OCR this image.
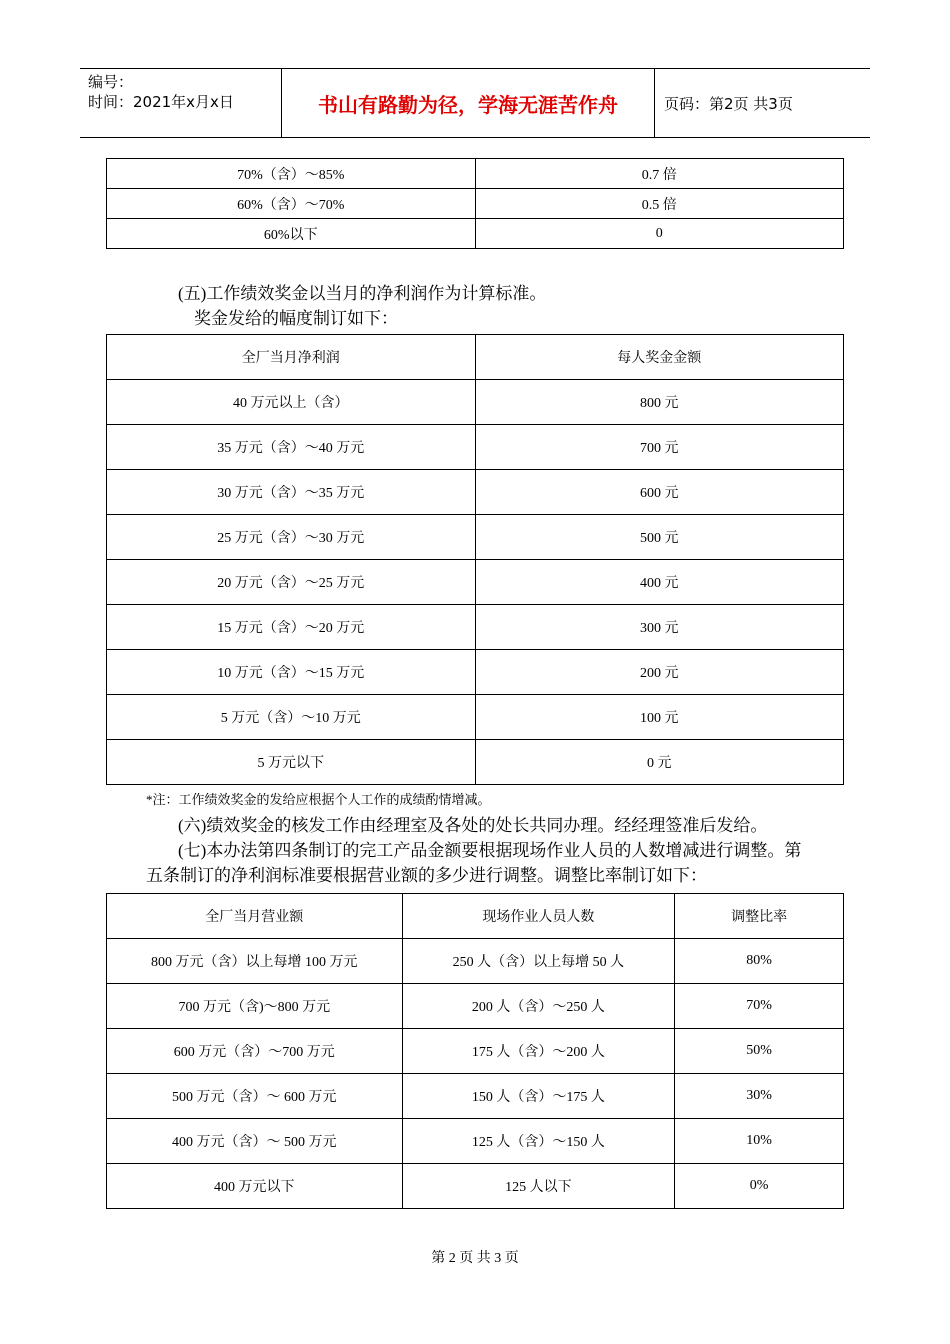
编号：
时间：2021年x月x日	书山有路勤为径，学海无涯苦作舟	页码：第2页 共3页
70%（含）～85%	0.7 倍
60%（含）～70%	0.5 倍
60%以下	0
(五)工作绩效奖金以当月的净利润作为计算标准。
奖金发给的幅度制订如下：
全厂当月净利润	每人奖金金额
40 万元以上（含）	800 元
35 万元（含）～40 万元	700 元
30 万元（含）～35 万元	600 元
25 万元（含）～30 万元	500 元
20 万元（含）～25 万元	400 元
15 万元（含）～20 万元	300 元
10 万元（含）～15 万元	200 元
5 万元（含）～10 万元	100 元
5 万元以下	0 元
*注：工作绩效奖金的发给应根据个人工作的成绩酌情增减。
(六)绩效奖金的核发工作由经理室及各处的处长共同办理。经经理签准后发给。
(七)本办法第四条制订的完工产品金额要根据现场作业人员的人数增减进行调整。第
五条制订的净利润标准要根据营业额的多少进行调整。调整比率制订如下：
全厂当月营业额	现场作业人员人数	调整比率
800 万元（含）以上每增 100 万元	250 人（含）以上每增 50 人	80%
700 万元（含)～800 万元	200 人（含）～250 人	70%
600 万元（含）～700 万元	175 人（含）～200 人	50%
500 万元（含）～ 600 万元	150 人（含）～175 人	30%
400 万元（含）～ 500 万元	125 人（含）～150 人	10%
400 万元以下	125 人以下	0%
第 2 页 共 3 页
